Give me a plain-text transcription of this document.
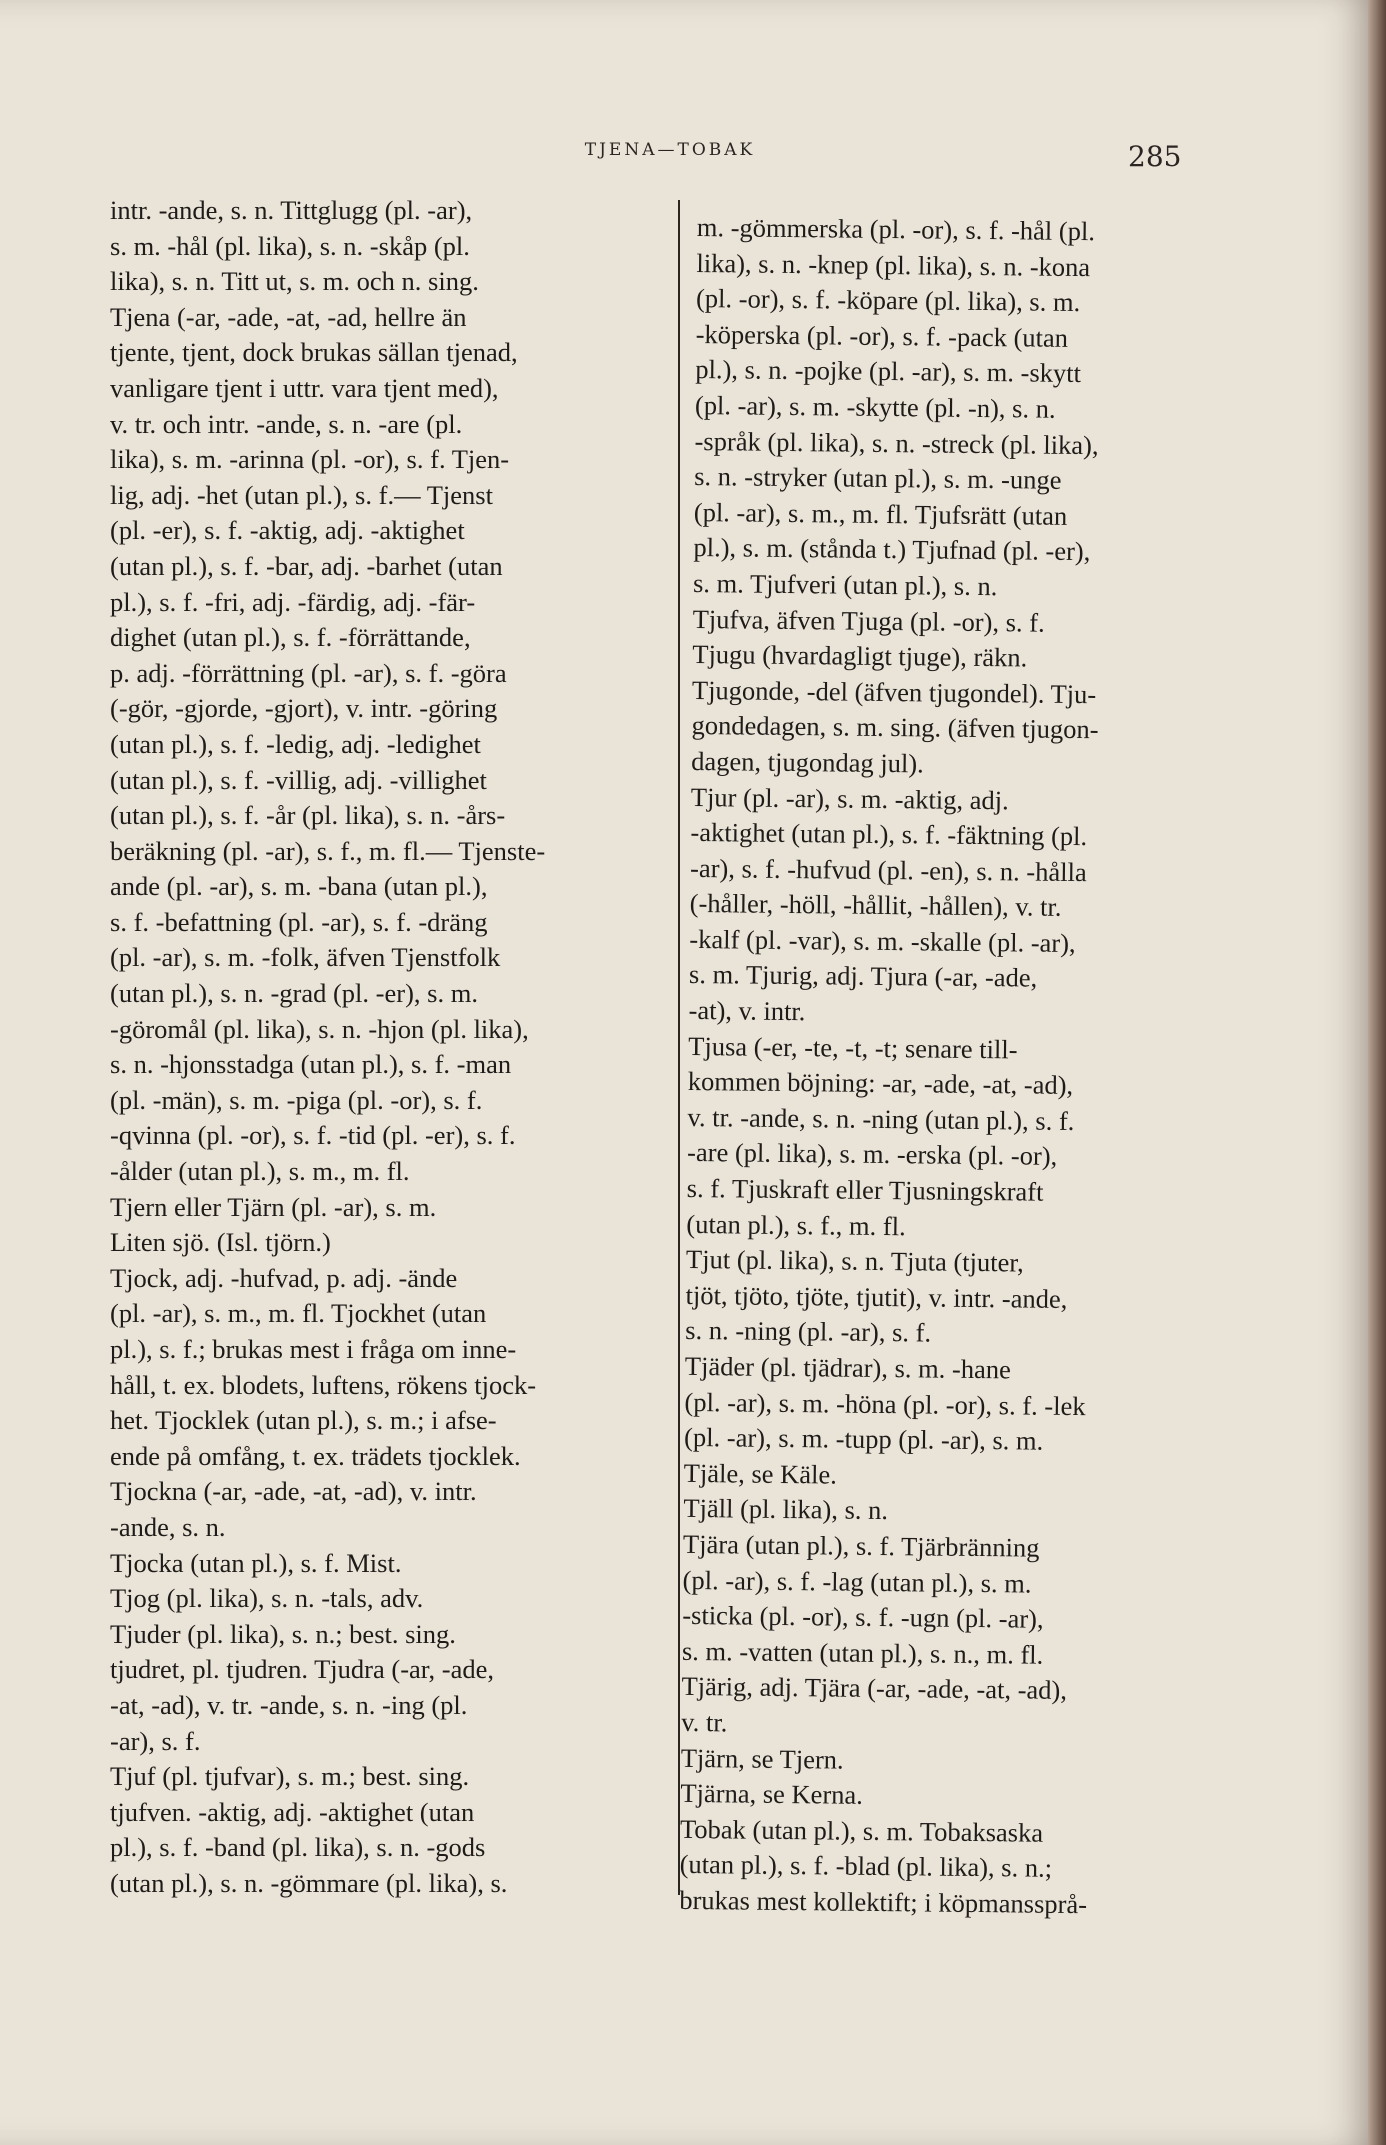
TJENA—TOBAK	285

intr. -ande, s. n. Tittglugg (pl. -ar),

s. m. -hål (pl. lika), s. n. -skåp (pl.

lika), s. n. Titt ut, s. m. och n. sing.

Tjena (-ar, -ade, -at, -ad, hellre än

tjente, tjent, dock brukas sällan tjenad,

vanligare tjent i uttr. vara tjent med),

v. tr. och intr. -ande, s. n. -are (pl.

lika), s. m. -arinna (pl. -or), s. f. Tjen-

lig, adj. -het (utan pl.), s. f.— Tjenst

(pl. -er), s. f. -aktig, adj. -aktighet

(utan pl.), s. f. -bar, adj. -barhet (utan

pl.), s. f. -fri, adj. -färdig, adj. -fär-

dighet (utan pl.), s. f. -förrättande,

p. adj. -förrättning (pl. -ar), s. f. -göra

(-gör, -gjorde, -gjort), v. intr. -göring

(utan pl.), s. f. -ledig, adj. -ledighet

(utan pl.), s. f. -villig, adj. -villighet

(utan pl.), s. f. -år (pl. lika), s. n. -års-

beräkning (pl. -ar), s. f., m. fl.— Tjenste-

ande (pl. -ar), s. m. -bana (utan pl.),

s. f. -befattning (pl. -ar), s. f. -dräng

(pl. -ar), s. m. -folk, äfven Tjenstfolk

(utan pl.), s. n. -grad (pl. -er), s. m.

-göromål (pl. lika), s. n. -hjon (pl. lika),

s. n. -hjonsstadga (utan pl.), s. f. -man

(pl. -män), s. m. -piga (pl. -or), s. f.

-qvinna (pl. -or), s. f. -tid (pl. -er), s. f.

-ålder (utan pl.), s. m., m. fl.

Tjern eller Tjärn (pl. -ar), s. m.

Liten sjö. (Isl. tjörn.)

Tjock, adj. -hufvad, p. adj. -ände

(pl. -ar), s. m., m. fl. Tjockhet (utan

pl.), s. f.; brukas mest i fråga om inne-

håll, t. ex. blodets, luftens, rökens tjock-

het. Tjocklek (utan pl.), s. m.; i afse-

ende på omfång, t. ex. trädets tjocklek.

Tjockna (-ar, -ade, -at, -ad), v. intr.

-ande, s. n.

Tjocka (utan pl.), s. f. Mist.

Tjog (pl. lika), s. n. -tals, adv.

Tjuder (pl. lika), s. n.; best. sing.

tjudret, pl. tjudren. Tjudra (-ar, -ade,

-at, -ad), v. tr. -ande, s. n. -ing (pl.

-ar), s. f.

Tjuf (pl. tjufvar), s. m.; best. sing.

tjufven. -aktig, adj. -aktighet (utan

pl.), s. f. -band (pl. lika), s. n. -gods

(utan pl.), s. n. -gömmare (pl. lika), s.

m. -gömmerska (pl. -or), s. f. -hål (pl.

lika), s. n. -knep (pl. lika), s. n. -kona

(pl. -or), s. f. -köpare (pl. lika), s. m.

-köperska (pl. -or), s. f. -pack (utan

pl.), s. n. -pojke (pl. -ar), s. m. -skytt

(pl. -ar), s. m. -skytte (pl. -n), s. n.

-språk (pl. lika), s. n. -streck (pl. lika),

s. n. -stryker (utan pl.), s. m. -unge

(pl. -ar), s. m., m. fl. Tjufsrätt (utan

pl.), s. m. (stånda t.) Tjufnad (pl. -er),

s. m. Tjufveri (utan pl.), s. n.

Tjufva, äfven Tjuga (pl. -or), s. f.

Tjugu (hvardagligt tjuge), räkn.

Tjugonde, -del (äfven tjugondel). Tju-

gondedagen, s. m. sing. (äfven tjugon-

dagen, tjugondag jul).

Tjur (pl. -ar), s. m. -aktig, adj.

-aktighet (utan pl.), s. f. -fäktning (pl.

-ar), s. f. -hufvud (pl. -en), s. n. -hålla

(-håller, -höll, -hållit, -hållen), v. tr.

-kalf (pl. -var), s. m. -skalle (pl. -ar),

s. m. Tjurig, adj. Tjura (-ar, -ade,

-at), v. intr.

Tjusa (-er, -te, -t, -t; senare till-

kommen böjning: -ar, -ade, -at, -ad),

v. tr. -ande, s. n. -ning (utan pl.), s. f.

-are (pl. lika), s. m. -erska (pl. -or),

s. f. Tjuskraft eller Tjusningskraft

(utan pl.), s. f., m. fl.

Tjut (pl. lika), s. n. Tjuta (tjuter,

tjöt, tjöto, tjöte, tjutit), v. intr. -ande,

s. n. -ning (pl. -ar), s. f.

Tjäder (pl. tjädrar), s. m. -hane

(pl. -ar), s. m. -höna (pl. -or), s. f. -lek

(pl. -ar), s. m. -tupp (pl. -ar), s. m.

Tjäle, se Käle.

Tjäll (pl. lika), s. n.

Tjära (utan pl.), s. f. Tjärbränning

(pl. -ar), s. f. -lag (utan pl.), s. m.

-sticka (pl. -or), s. f. -ugn (pl. -ar),

s. m. -vatten (utan pl.), s. n., m. fl.

Tjärig, adj. Tjära (-ar, -ade, -at, -ad),

v. tr.

Tjärn, se Tjern.

Tjärna, se Kerna.

Tobak (utan pl.), s. m. Tobaksaska

(utan pl.), s. f. -blad (pl. lika), s. n.;

brukas mest kollektift; i köpmanssprå-
